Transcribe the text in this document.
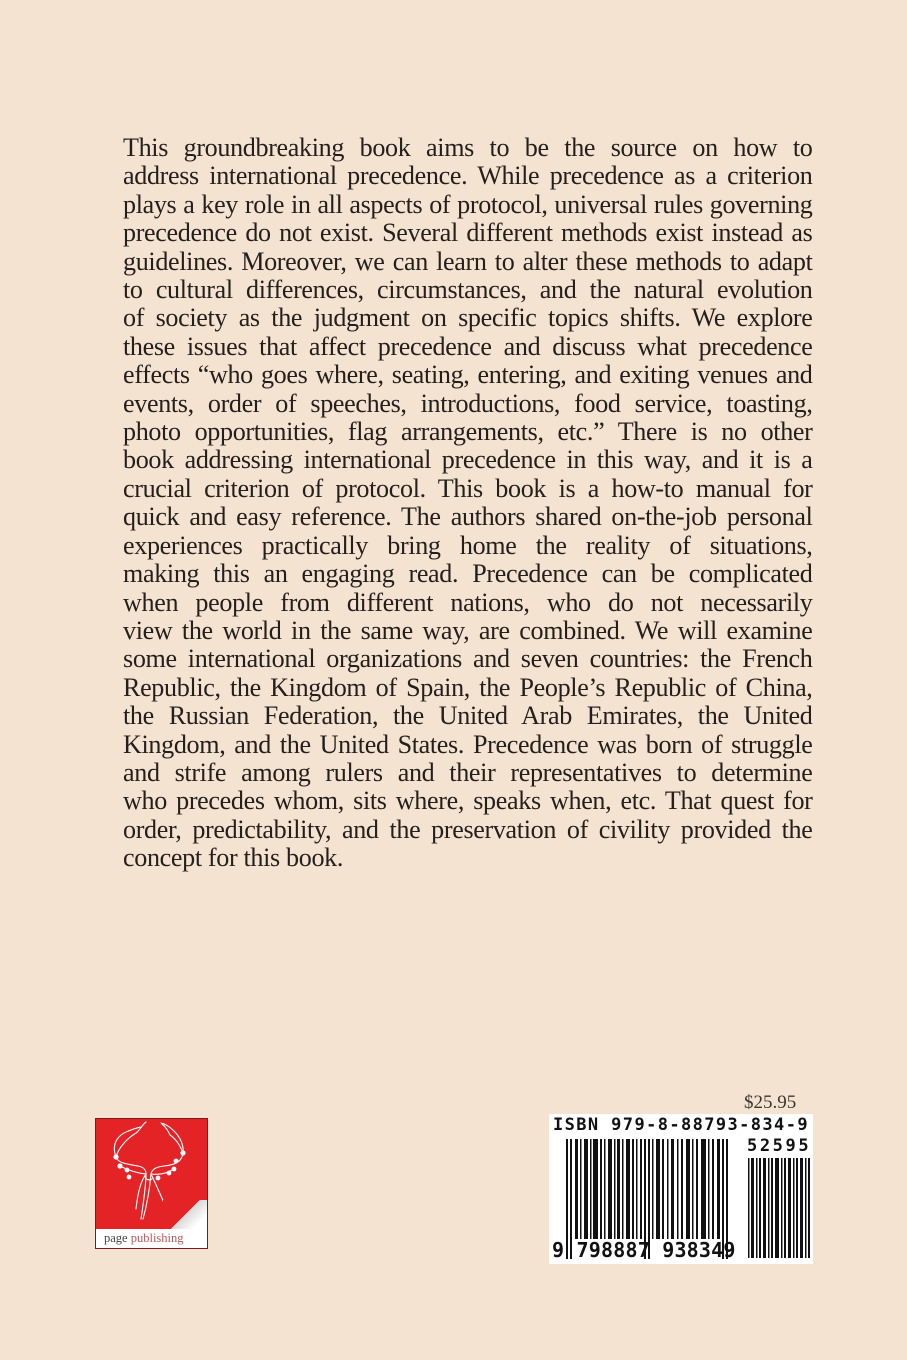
This groundbreaking book aims to be the source on how to
address international precedence. While precedence as a criterion
plays a key role in all aspects of protocol, universal rules governing
precedence do not exist. Several different methods exist instead as
guidelines. Moreover, we can learn to alter these methods to adapt
to cultural differences, circumstances, and the natural evolution
of society as the judgment on specific topics shifts. We explore
these issues that affect precedence and discuss what precedence
effects “who goes where, seating, entering, and exiting venues and
events, order of speeches, introductions, food service, toasting,
photo opportunities, flag arrangements, etc.” There is no other
book addressing international precedence in this way, and it is a
crucial criterion of protocol. This book is a how-to manual for
quick and easy reference. The authors shared on-the-job personal
experiences practically bring home the reality of situations,
making this an engaging read. Precedence can be complicated
when people from different nations, who do not necessarily
view the world in the same way, are combined. We will examine
some international organizations and seven countries: the French
Republic, the Kingdom of Spain, the People’s Republic of China,
the Russian Federation, the United Arab Emirates, the United
Kingdom, and the United States. Precedence was born of struggle
and strife among rulers and their representatives to determine
who precedes whom, sits where, speaks when, etc. That quest for
order, predictability, and the preservation of civility provided the
concept for this book.
page publishing
$25.95
ISBN 979-8-88793-834-9
52595
9 798887 938349
